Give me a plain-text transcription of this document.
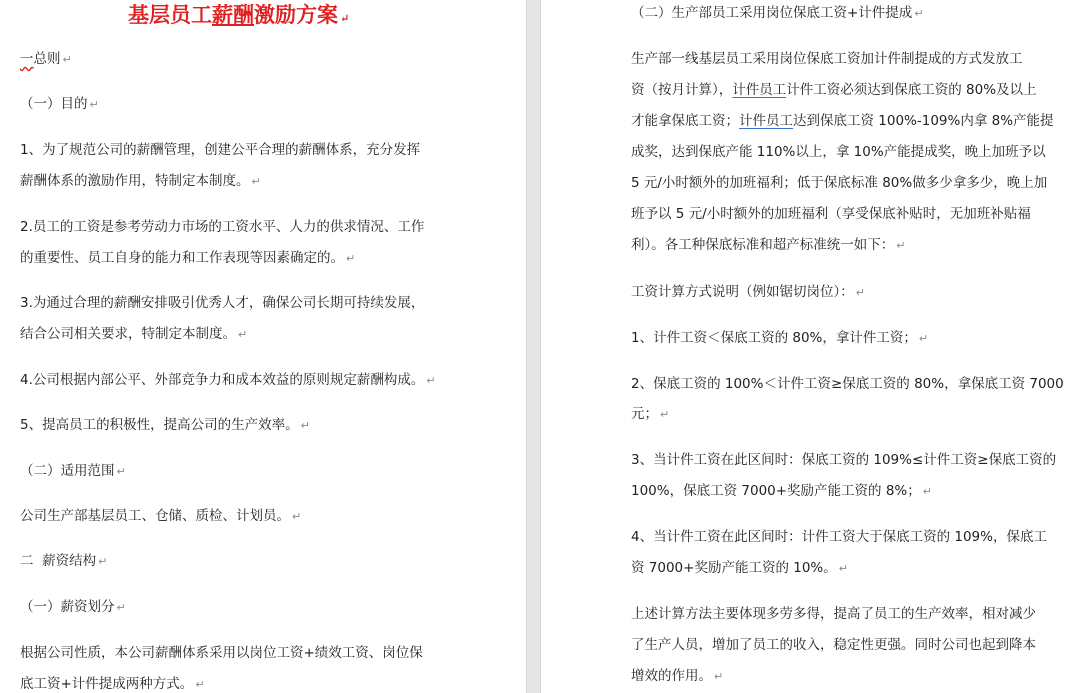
基层员工薪酬激励方案 ↵
一总则 ↵
（一）目的 ↵
1、为了规范公司的薪酬管理，创建公平合理的薪酬体系，充分发挥
薪酬体系的激励作用，特制定本制度。 ↵
2.员工的工资是参考劳动力市场的工资水平、人力的供求情况、工作
的重要性、员工自身的能力和工作表现等因素确定的。 ↵
3.为通过合理的薪酬安排吸引优秀人才，确保公司长期可持续发展，
结合公司相关要求，特制定本制度。 ↵
4.公司根据内部公平、外部竞争力和成本效益的原则规定薪酬构成。 ↵
5、提高员工的积极性，提高公司的生产效率。 ↵
（二）适用范围 ↵
公司生产部基层员工、仓储、质检、计划员。 ↵
二  薪资结构 ↵
（一）薪资划分 ↵
根据公司性质，本公司薪酬体系采用以岗位工资+绩效工资、岗位保
底工资+计件提成两种方式。 ↵
（二）生产部员工采用岗位保底工资+计件提成 ↵
生产部一线基层员工采用岗位保底工资加计件制提成的方式发放工
资（按月计算），计件员工计件工资必须达到保底工资的 80%及以上
才能拿保底工资；计件员工达到保底工资 100%-109%内拿 8%产能提
成奖，达到保底产能 110%以上，拿 10%产能提成奖，晚上加班予以
5 元/小时额外的加班福利；低于保底标准 80%做多少拿多少，晚上加
班予以 5 元/小时额外的加班福利（享受保底补贴时，无加班补贴福
利）。各工种保底标准和超产标准统一如下： ↵
工资计算方式说明（例如锯切岗位）： ↵
1、计件工资＜保底工资的 80%，拿计件工资； ↵
2、保底工资的 100%＜计件工资≥保底工资的 80%，拿保底工资 7000
元； ↵
3、当计件工资在此区间时：保底工资的 109%≤计件工资≥保底工资的
100%，保底工资 7000+奖励产能工资的 8%； ↵
4、当计件工资在此区间时：计件工资大于保底工资的 109%，保底工
资 7000+奖励产能工资的 10%。 ↵
上述计算方法主要体现多劳多得，提高了员工的生产效率，相对减少
了生产人员，增加了员工的收入，稳定性更强。同时公司也起到降本
增效的作用。 ↵
